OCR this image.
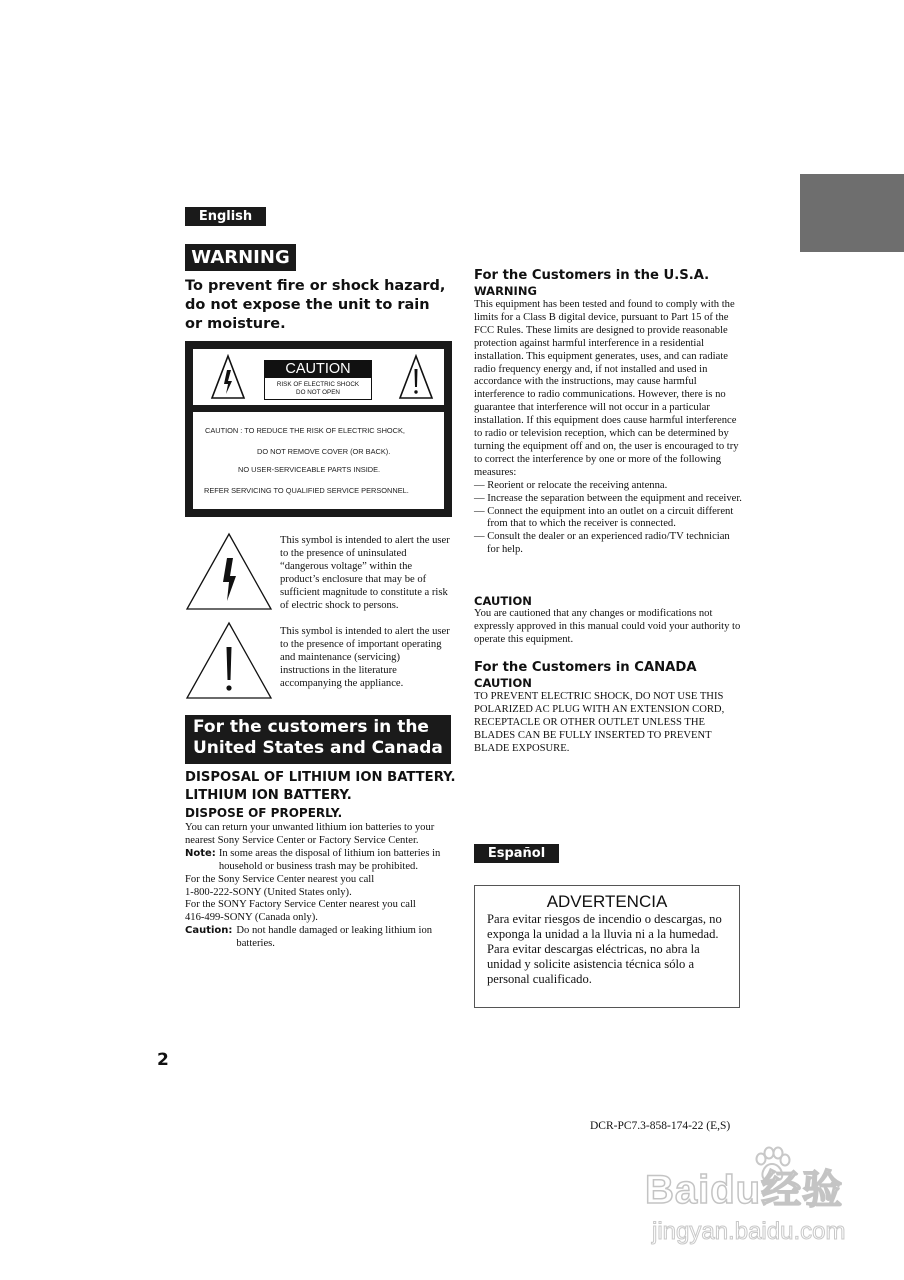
English
WARNING
To prevent fire or shock hazard, do not expose the unit to rain or moisture.
CAUTION
RISK OF ELECTRIC SHOCK
DO NOT OPEN
CAUTION : TO REDUCE THE RISK OF ELECTRIC SHOCK,
DO NOT REMOVE COVER (OR BACK).
NO USER-SERVICEABLE PARTS INSIDE.
REFER SERVICING TO QUALIFIED SERVICE PERSONNEL.
This symbol is intended to alert the user to the presence of uninsulated “dangerous voltage” within the product’s enclosure that may be of sufficient magnitude to constitute a risk of electric shock to persons.
This symbol is intended to alert the user to the presence of important operating and maintenance (servicing) instructions in the literature accompanying the appliance.
For the customers in the
United States and Canada
DISPOSAL OF LITHIUM ION BATTERY.
LITHIUM ION BATTERY.
DISPOSE OF PROPERLY.

You can return your unwanted lithium ion batteries to your nearest Sony Service Center or Factory Service Center.

Note: In some areas the disposal of lithium ion batteries in household or business trash may be prohibited.

For the Sony Service Center nearest you call

1-800-222-SONY (United States only).

For the SONY Factory Service Center nearest you call

416-499-SONY (Canada only).

Caution: Do not handle damaged or leaking lithium ion batteries.
For the Customers in the U.S.A.
WARNING

This equipment has been tested and found to comply with the limits for a Class B digital device, pursuant to Part 15 of the FCC Rules. These limits are designed to provide reasonable protection against harmful interference in a residential installation. This equipment generates, uses, and can radiate radio frequency energy and, if not installed and used in accordance with the instructions, may cause harmful interference to radio communications. However, there is no guarantee that interference will not occur in a particular installation. If this equipment does cause harmful interference to radio or television reception, which can be determined by turning the equipment off and on, the user is encouraged to try to correct the interference by one or more of the following measures:

— Reorient or relocate the receiving antenna.
— Increase the separation between the equipment and receiver.
— Connect the equipment into an outlet on a circuit different from that to which the receiver is connected.
— Consult the dealer or an experienced radio/TV technician for help.
CAUTION
You are cautioned that any changes or modifications not expressly approved in this manual could void your authority to operate this equipment.
For the Customers in CANADA
CAUTION
TO PREVENT ELECTRIC SHOCK, DO NOT USE THIS POLARIZED AC PLUG WITH AN EXTENSION CORD, RECEPTACLE OR OTHER OUTLET UNLESS THE BLADES CAN BE FULLY INSERTED TO PREVENT BLADE EXPOSURE.
Español
ADVERTENCIA

Para evitar riesgos de incendio o descargas, no exponga la unidad a la lluvia ni a la humedad.

Para evitar descargas eléctricas, no abra la unidad y solicite asistencia técnica sólo a personal cualificado.

2
DCR-PC7.3-858-174-22 (E,S)
Baidu经验
jingyan.baidu.com
